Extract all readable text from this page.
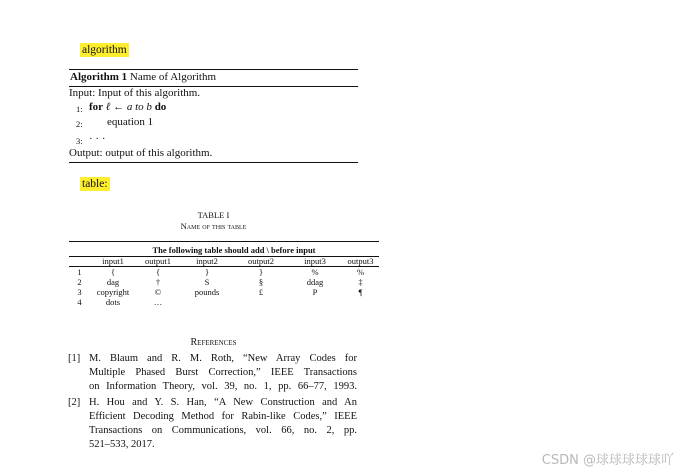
algorithm
Algorithm 1 Name of Algorithm
Input: Input of this algorithm.
1: for ℓ ← a to b do
2: equation 1
3: · · ·
Output: output of this algorithm.
table:
TABLE I
Name of this table
The following table should add \ before input
	input1	output1	input2	output2	input3	output3
1	{	{	}	}	%	%
2	dag	†	S	§	ddag	‡
3	copyright	©	pounds	£	P	¶
4	dots	…				
References
[1] M. Blaum and R. M. Roth, “New Array Codes for
Multiple Phased Burst Correction,” IEEE Transactions
on Information Theory, vol. 39, no. 1, pp. 66–77, 1993.
[2] H. Hou and Y. S. Han, “A New Construction and An
Efficient Decoding Method for Rabin-like Codes,” IEEE
Transactions on Communications, vol. 66, no. 2, pp.
521–533, 2017.
CSDN @球球球球球吖
